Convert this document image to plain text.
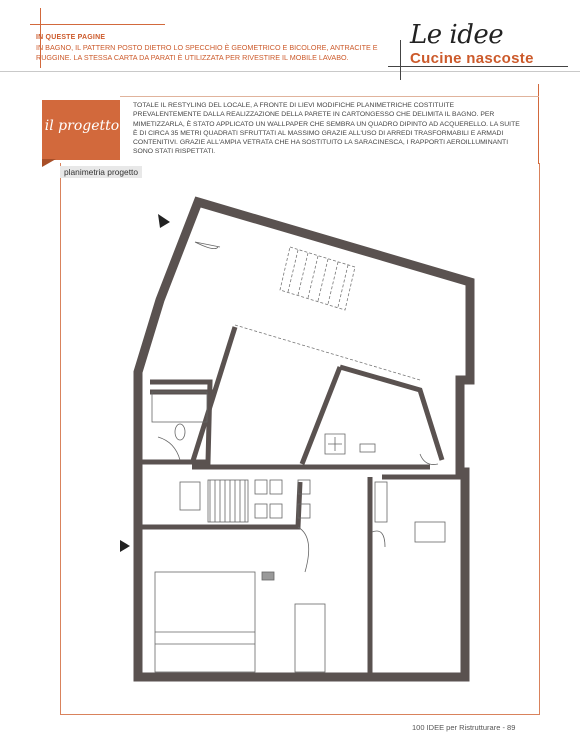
IN QUESTE PAGINE
IN BAGNO, IL PATTERN POSTO DIETRO LO SPECCHIO È GEOMETRICO E BICOLORE, ANTRACITE E RUGGINE. LA STESSA CARTA DA PARATI È UTILIZZATA PER RIVESTIRE IL MOBILE LAVABO.
Le idee
Cucine nascoste
il progetto
TOTALE IL RESTYLING DEL LOCALE, A FRONTE DI LIEVI MODIFICHE PLANIMETRICHE COSTITUITE PREVALENTEMENTE DALLA REALIZZAZIONE DELLA PARETE IN CARTONGESSO CHE DELIMITA IL BAGNO. PER MIMETIZZARLA, È STATO APPLICATO UN WALLPAPER CHE SEMBRA UN QUADRO DIPINTO AD ACQUERELLO. LA SUITE È DI CIRCA 35 METRI QUADRATI SFRUTTATI AL MASSIMO GRAZIE ALL'USO DI ARREDI TRASFORMABILI E ARMADI CONTENITIVI. GRAZIE ALL'AMPIA VETRATA CHE HA SOSTITUITO LA SARACINESCA, I RAPPORTI AEROILLUMINANTI SONO STATI RISPETTATI.
planimetria progetto
100 IDEE per Ristrutturare - 89
